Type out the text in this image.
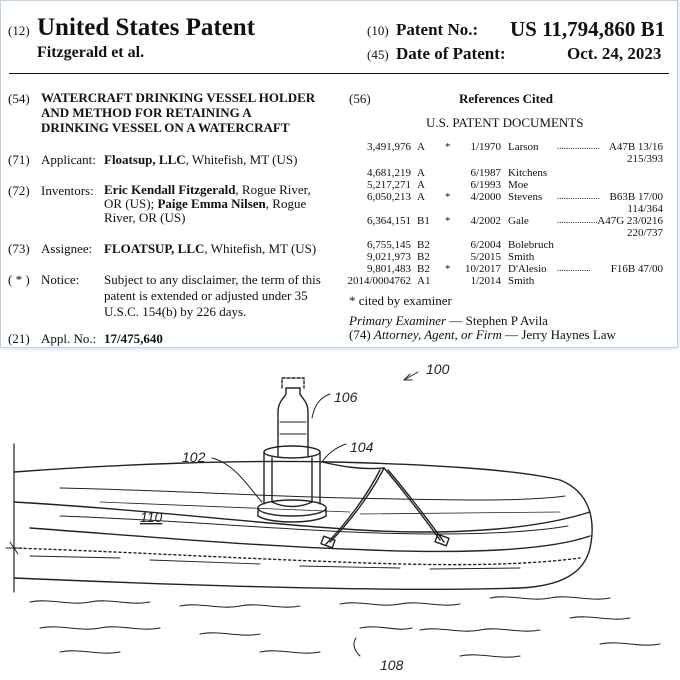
(12) United States Patent
Fitzgerald et al.
(10) Patent No.: US 11,794,860 B1
(45) Date of Patent:	Oct. 24, 2023
(54) WATERCRAFT DRINKING VESSEL HOLDER
AND METHOD FOR RETAINING A
DRINKING VESSEL ON A WATERCRAFT
(71) Applicant: Floatsup, LLC, Whitefish, MT (US)
(72) Inventors: Eric Kendall Fitzgerald, Rogue River,
OR (US); Paige Emma Nilsen, Rogue
River, OR (US)
(73) Assignee: FLOATSUP, LLC, Whitefish, MT (US)
( * ) Notice: Subject to any disclaimer, the term of this
patent is extended or adjusted under 35
U.S.C. 154(b) by 226 days.
(21) Appl. No.: 17/475,640
(56)	References Cited
U.S. PATENT DOCUMENTS
3,491,976 A * 1/1970 Larson ................... A47B 13/16
215/393
4,681,219 A	6/1987 Kitchens
5,217,271 A	6/1993 Moe
6,050,213 A * 4/2000 Stevens ................... B63B 17/00
114/364
6,364,151 B1 * 4/2002 Gale	.................. A47G 23/0216
220/737
6,755,145 B2	6/2004 Bolebruch
9,021,973 B2	5/2015 Smith
9,801,483 B2 * 10/2017 D'Alesio ............... F16B 47/00
2014/0004762 A1	1/2014 Smith
* cited by examiner
Primary Examiner — Stephen P Avila
(74) Attorney, Agent, or Firm — Jerry Haynes Law
100
102
104
106
108
110
